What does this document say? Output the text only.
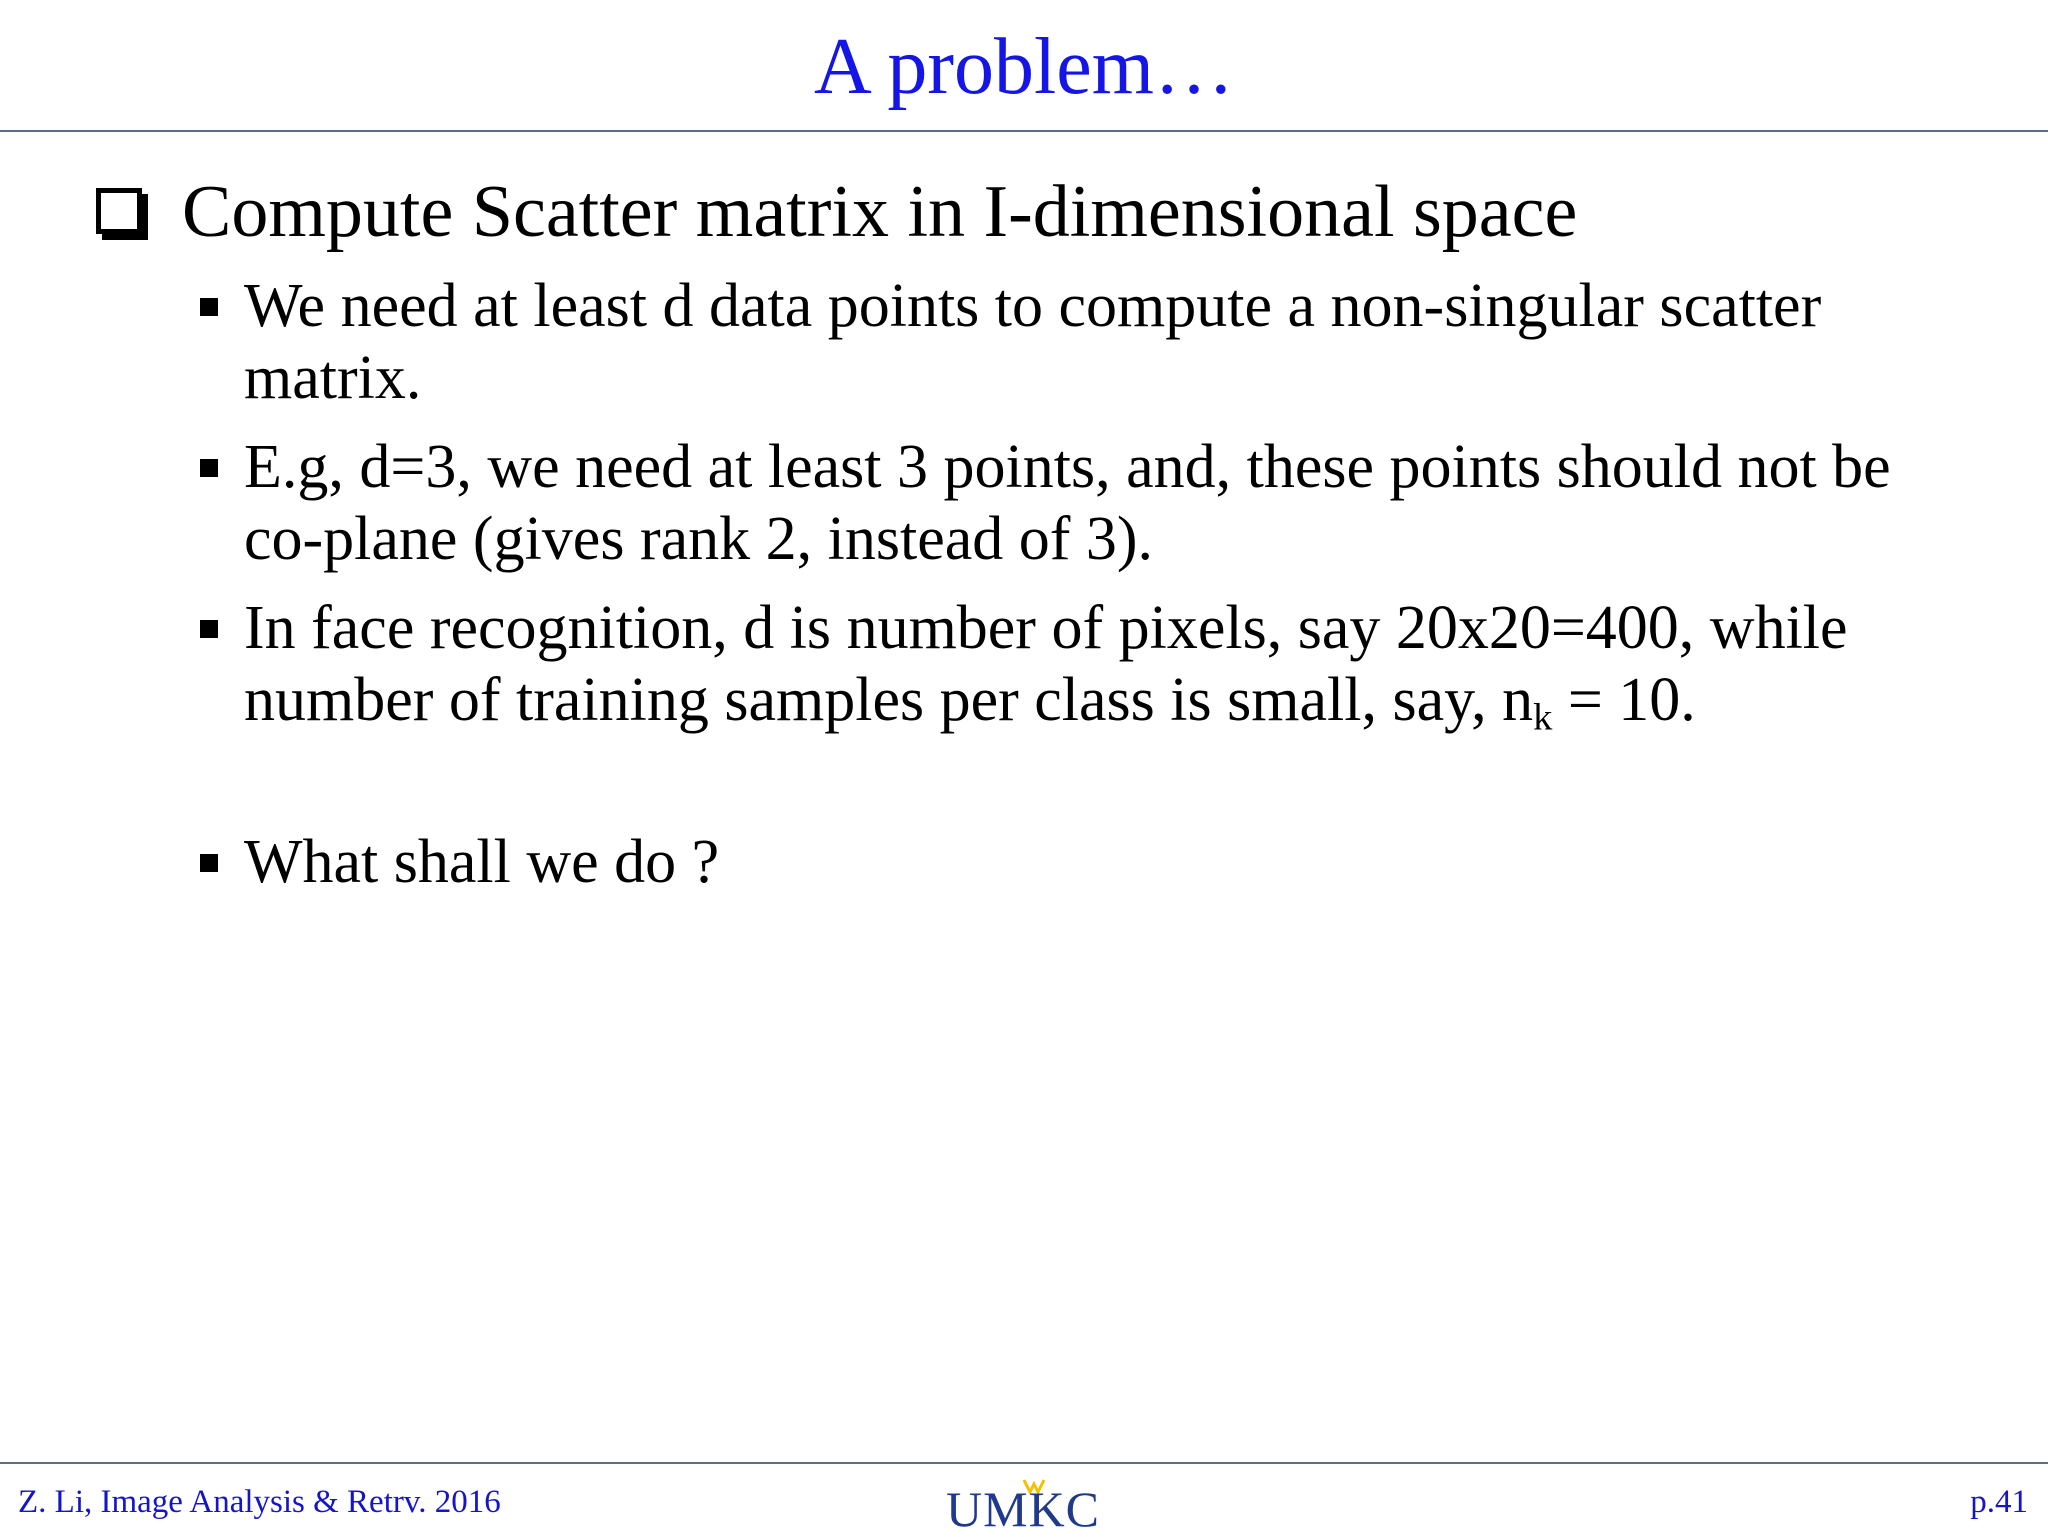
A problem…
Compute Scatter matrix in I-dimensional space
We need at least d data points to compute a non-singular scatter matrix.
E.g, d=3, we need at least 3 points, and, these points should not be co-plane (gives rank 2, instead of 3).
In face recognition, d is number of pixels, say 20x20=400, while number of training samples per class is small, say, $n_k = 10$.
What shall we do ?
Z. Li, Image Analysis & Retrv. 2016	UMKC	p.41
